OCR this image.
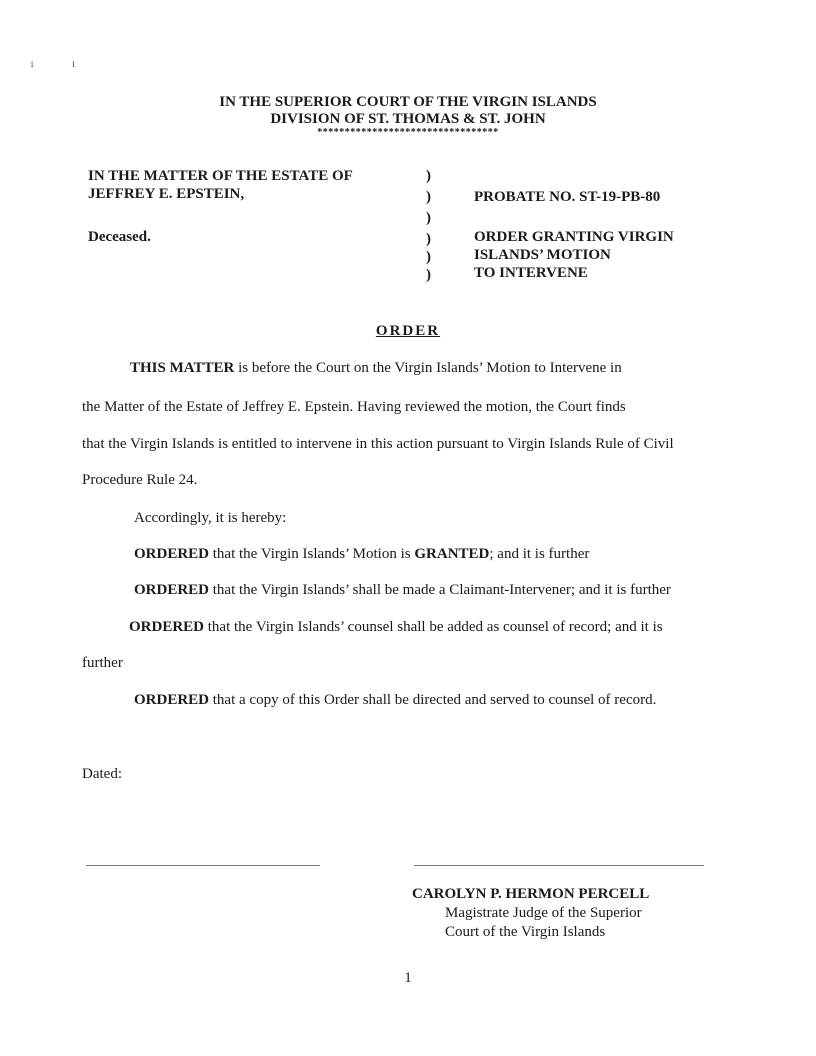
1	I
IN THE SUPERIOR COURT OF THE VIRGIN ISLANDS
DIVISION OF ST. THOMAS & ST. JOHN
*********************************
IN THE MATTER OF THE ESTATE OF
JEFFREY E. EPSTEIN,
Deceased.
)
)
)
)
)
)
PROBATE NO. ST-19-PB-80
ORDER GRANTING VIRGIN
ISLANDS’ MOTION
TO INTERVENE
ORDER
THIS MATTER is before the Court on the Virgin Islands’ Motion to Intervene in
the Matter of the Estate of Jeffrey E. Epstein. Having reviewed the motion, the Court finds
that the Virgin Islands is entitled to intervene in this action pursuant to Virgin Islands Rule of Civil
Procedure Rule 24.
Accordingly, it is hereby:
ORDERED that the Virgin Islands’ Motion is GRANTED; and it is further
ORDERED that the Virgin Islands’ shall be made a Claimant-Intervener; and it is further
ORDERED that the Virgin Islands’ counsel shall be added as counsel of record; and it is
further
ORDERED that a copy of this Order shall be directed and served to counsel of record.
Dated:
CAROLYN P. HERMON PERCELL
Magistrate Judge of the Superior
Court of the Virgin Islands
1
